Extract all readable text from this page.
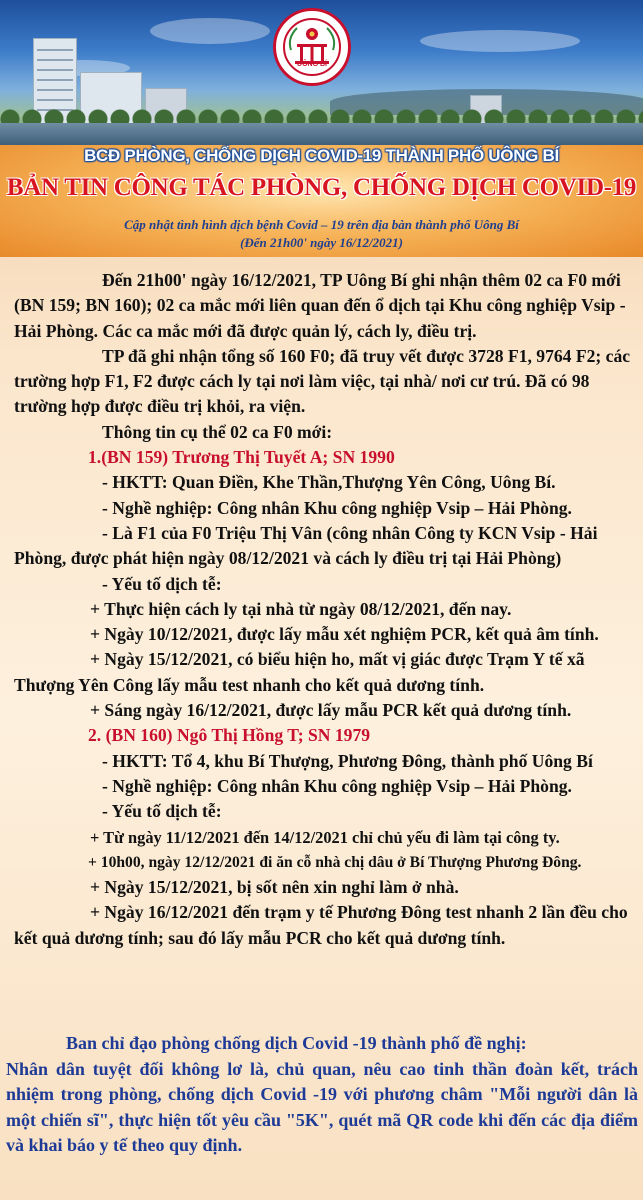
UÔNG BÍ
BCĐ PHÒNG, CHỐNG DỊCH COVID-19 THÀNH PHỐ UÔNG BÍ
BẢN TIN CÔNG TÁC PHÒNG, CHỐNG DỊCH COVID-19
Cập nhật tình hình dịch bệnh Covid – 19 trên địa bàn thành phố Uông Bí
(Đến 21h00' ngày 16/12/2021)

Đến 21h00' ngày 16/12/2021, TP Uông Bí ghi nhận thêm 02 ca F0 mới (BN 159; BN 160); 02 ca mắc mới liên quan đến ổ dịch tại Khu công nghiệp Vsip - Hải Phòng. Các ca mắc mới đã được quản lý, cách ly, điều trị.

TP đã ghi nhận tổng số 160 F0; đã truy vết được 3728 F1, 9764 F2; các trường hợp F1, F2 được cách ly tại nơi làm việc, tại nhà/ nơi cư trú. Đã có 98 trường hợp được điều trị khỏi, ra viện.

Thông tin cụ thể 02 ca F0 mới:

1.(BN 159) Trương Thị Tuyết A; SN 1990

- HKTT: Quan Điền, Khe Thần,Thượng Yên Công, Uông Bí.

- Nghề nghiệp: Công nhân Khu công nghiệp Vsip – Hải Phòng.

- Là F1 của F0 Triệu Thị Vân (công nhân Công ty KCN Vsip - Hải Phòng, được phát hiện ngày 08/12/2021 và cách ly điều trị tại Hải Phòng)

- Yếu tố dịch tễ:

+ Thực hiện cách ly tại nhà từ ngày 08/12/2021, đến nay.

+ Ngày 10/12/2021, được lấy mẫu xét nghiệm PCR, kết quả âm tính.

+ Ngày 15/12/2021, có biểu hiện ho, mất vị giác được Trạm Y tế xã Thượng Yên Công lấy mẫu test nhanh cho kết quả dương tính.

+ Sáng ngày 16/12/2021, được lấy mẫu PCR kết quả dương tính.

2. (BN 160) Ngô Thị Hồng T; SN 1979

- HKTT: Tổ 4, khu Bí Thượng, Phương Đông, thành phố Uông Bí

- Nghề nghiệp: Công nhân Khu công nghiệp Vsip – Hải Phòng.

- Yếu tố dịch tễ:

+ Từ ngày 11/12/2021 đến 14/12/2021 chỉ chủ yếu đi làm tại công ty.

+ 10h00, ngày 12/12/2021 đi ăn cỗ nhà chị dâu ở Bí Thượng Phương Đông.

+ Ngày 15/12/2021, bị sốt nên xin nghỉ làm ở nhà.

+ Ngày 16/12/2021 đến trạm y tế Phương Đông test nhanh 2 lần đều cho kết quả dương tính; sau đó lấy mẫu PCR cho kết quả dương tính.

Ban chỉ đạo phòng chống dịch Covid -19 thành phố đề nghị:

Nhân dân tuyệt đối không lơ là, chủ quan, nêu cao tinh thần đoàn kết, trách nhiệm trong phòng, chống dịch Covid -19 với phương châm "Mỗi người dân là một chiến sĩ", thực hiện tốt yêu cầu "5K", quét mã QR code khi đến các địa điểm và khai báo y tế theo quy định.
